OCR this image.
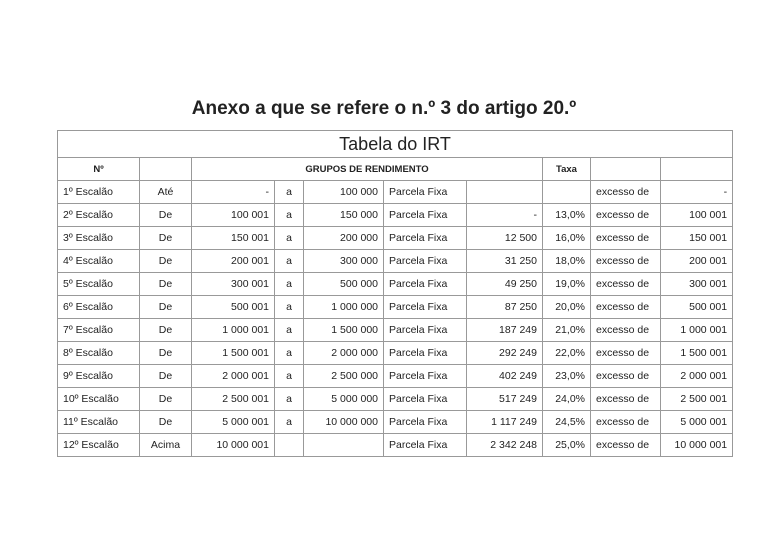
Anexo a que se refere o n.º 3 do artigo 20.º
Tabela do IRT									
Nº		GRUPOS DE RENDIMENTO					Taxa		
1º Escalão	Até	-	a	100 000	Parcela Fixa			excesso de	-
2º Escalão	De	100 001	a	150 000	Parcela Fixa	-	13,0%	excesso de	100 001
3º Escalão	De	150 001	a	200 000	Parcela Fixa	12 500	16,0%	excesso de	150 001
4º Escalão	De	200 001	a	300 000	Parcela Fixa	31 250	18,0%	excesso de	200 001
5º Escalão	De	300 001	a	500 000	Parcela Fixa	49 250	19,0%	excesso de	300 001
6º Escalão	De	500 001	a	1 000 000	Parcela Fixa	87 250	20,0%	excesso de	500 001
7º Escalão	De	1 000 001	a	1 500 000	Parcela Fixa	187 249	21,0%	excesso de	1 000 001
8º Escalão	De	1 500 001	a	2 000 000	Parcela Fixa	292 249	22,0%	excesso de	1 500 001
9º Escalão	De	2 000 001	a	2 500 000	Parcela Fixa	402 249	23,0%	excesso de	2 000 001
10º Escalão	De	2 500 001	a	5 000 000	Parcela Fixa	517 249	24,0%	excesso de	2 500 001
11º Escalão	De	5 000 001	a	10 000 000	Parcela Fixa	1 117 249	24,5%	excesso de	5 000 001
12º Escalão	Acima	10 000 001			Parcela Fixa	2 342 248	25,0%	excesso de	10 000 001
